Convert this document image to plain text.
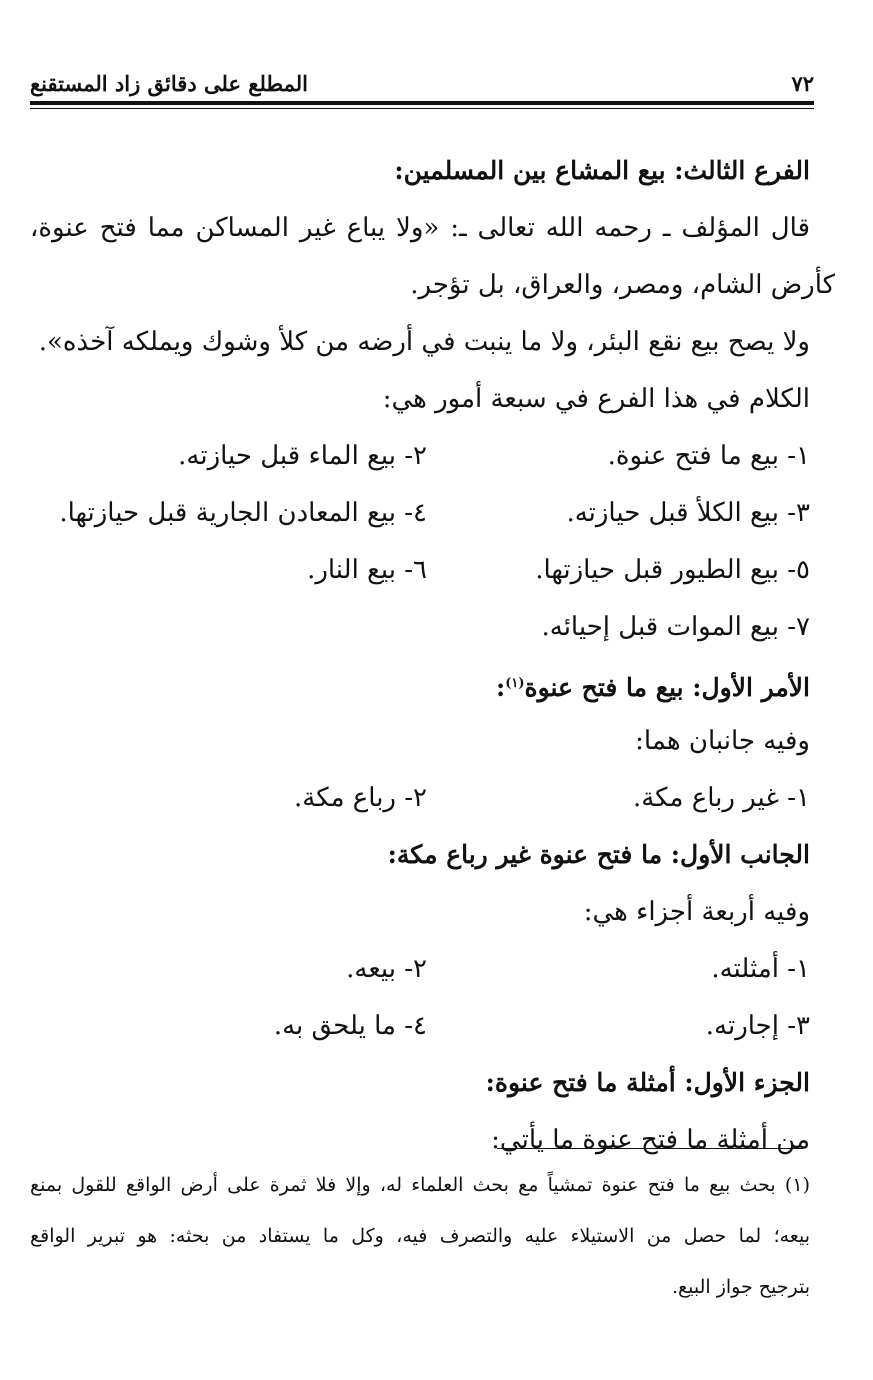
٧٢
المطلع على دقائق زاد المستقنع
الفرع الثالث: بيع المشاع بين المسلمين:
قال المؤلف ـ رحمه الله تعالى ـ: «ولا يباع غير المساكن مما فتح عنوة،
كأرض الشام، ومصر، والعراق، بل تؤجر.
ولا يصح بيع نقع البئر، ولا ما ينبت في أرضه من كلأ وشوك ويملكه آخذه».
الكلام في هذا الفرع في سبعة أمور هي:
١- بيع ما فتح عنوة.
٢- بيع الماء قبل حيازته.
٣- بيع الكلأ قبل حيازته.
٤- بيع المعادن الجارية قبل حيازتها.
٥- بيع الطيور قبل حيازتها.
٦- بيع النار.
٧- بيع الموات قبل إحيائه.
الأمر الأول: بيع ما فتح عنوة$^{(١)}$:
وفيه جانبان هما:
١- غير رباع مكة.
٢- رباع مكة.
الجانب الأول: ما فتح عنوة غير رباع مكة:
وفيه أربعة أجزاء هي:
١- أمثلته.
٢- بيعه.
٣- إجارته.
٤- ما يلحق به.
الجزء الأول: أمثلة ما فتح عنوة:
من أمثلة ما فتح عنوة ما يأتي:
(١) بحث بيع ما فتح عنوة تمشياً مع بحث العلماء له، وإلا فلا ثمرة على أرض الواقع للقول بمنع
بيعه؛ لما حصل من الاستيلاء عليه والتصرف فيه، وكل ما يستفاد من بحثه: هو تبرير الواقع
بترجيح جواز البيع.
